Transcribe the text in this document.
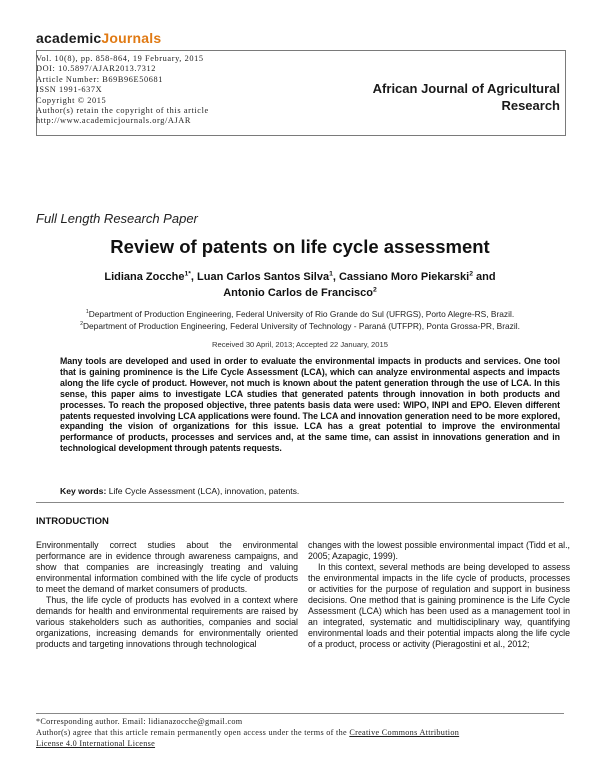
academicJournals
Vol. 10(8), pp. 858-864, 19 February, 2015
DOI: 10.5897/AJAR2013.7312
Article Number: B69B96E50681
ISSN 1991-637X
Copyright © 2015
Author(s) retain the copyright of this article
http://www.academicjournals.org/AJAR
African Journal of Agricultural
Research
Full Length Research Paper
Review of patents on life cycle assessment
Lidiana Zocche$^{1*}$, Luan Carlos Santos Silva$^1$, Cassiano Moro Piekarski$^2$ and
Antonio Carlos de Francisco$^2$
$^1$Department of Production Engineering, Federal University of Rio Grande do Sul (UFRGS), Porto Alegre-RS, Brazil.
$^2$Department of Production Engineering, Federal University of Technology - Paraná (UTFPR), Ponta Grossa-PR, Brazil.
Received 30 April, 2013; Accepted 22 January, 2015
Many tools are developed and used in order to evaluate the environmental impacts in products and services. One tool that is gaining prominence is the Life Cycle Assessment (LCA), which can analyze environmental aspects and impacts along the life cycle of product. However, not much is known about the patent generation through the use of LCA. In this sense, this paper aims to investigate LCA studies that generated patents through innovation in both products and processes. To reach the proposed objective, three patents basis data were used: WIPO, INPI and EPO. Eleven different patents requested involving LCA applications were found. The LCA and innovation generation need to be more explored, expanding the vision of organizations for this issue. LCA has a great potential to improve the environmental performance of products, processes and services and, at the same time, can assist in innovations generation and in technological development through patents requests.
Key words: Life Cycle Assessment (LCA), innovation, patents.
INTRODUCTION

Environmentally correct studies about the environmental performance are in evidence through awareness campaigns, and show that companies are increasingly treating and valuing environmental information combined with the life cycle of products to meet the demand of market consumers of products.

Thus, the life cycle of products has evolved in a context where demands for health and environmental requirements are raised by various stakeholders such as authorities, companies and social organizations, increasing demands for environmentally oriented products and targeting innovations through technological

changes with the lowest possible environmental impact (Tidd et al., 2005; Azapagic, 1999).

In this context, several methods are being developed to assess the environmental impacts in the life cycle of products, processes or activities for the purpose of regulation and support in business decisions. One method that is gaining prominence is the Life Cycle Assessment (LCA) which has been used as a management tool in an integrated, systematic and multidisciplinary way, quantifying environmental loads and their potential impacts along the life cycle of a product, process or activity (Pieragostini et al., 2012;

*Corresponding author. Email: lidianazocche@gmail.com
Author(s) agree that this article remain permanently open access under the terms of the Creative Commons Attribution
License 4.0 International License
